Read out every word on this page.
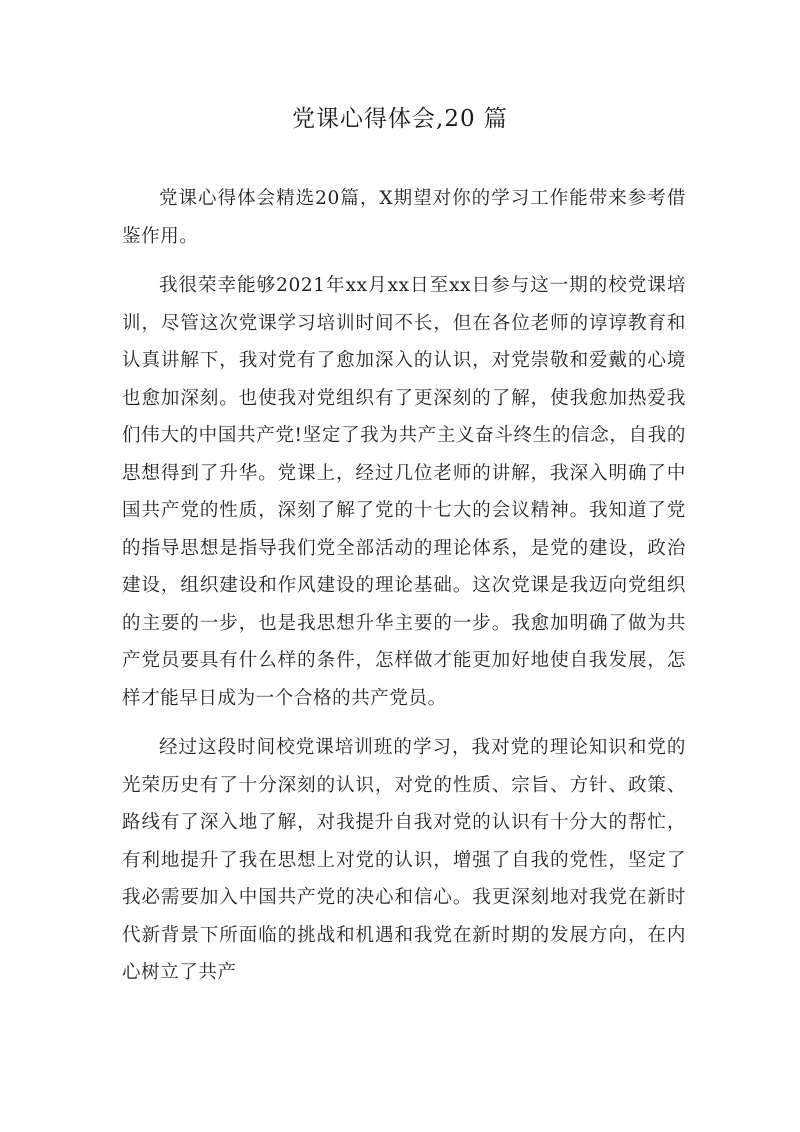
党课心得体会,20 篇

党课心得体会精选20篇，X期望对你的学习工作能带来参考借鉴作用。

我很荣幸能够2021年xx月xx日至xx日参与这一期的校党课培训，尽管这次党课学习培训时间不长，但在各位老师的谆谆教育和认真讲解下，我对党有了愈加深入的认识，对党崇敬和爱戴的心境也愈加深刻。也使我对党组织有了更深刻的了解，使我愈加热爱我们伟大的中国共产党!坚定了我为共产主义奋斗终生的信念，自我的思想得到了升华。党课上，经过几位老师的讲解，我深入明确了中国共产党的性质，深刻了解了党的十七大的会议精神。我知道了党的指导思想是指导我们党全部活动的理论体系，是党的建设，政治建设，组织建设和作风建设的理论基础。这次党课是我迈向党组织的主要的一步，也是我思想升华主要的一步。我愈加明确了做为共产党员要具有什么样的条件，怎样做才能更加好地使自我发展，怎样才能早日成为一个合格的共产党员。

经过这段时间校党课培训班的学习，我对党的理论知识和党的光荣历史有了十分深刻的认识，对党的性质、宗旨、方针、政策、路线有了深入地了解，对我提升自我对党的认识有十分大的帮忙，有利地提升了我在思想上对党的认识，增强了自我的党性，坚定了我必需要加入中国共产党的决心和信心。我更深刻地对我党在新时代新背景下所面临的挑战和机遇和我党在新时期的发展方向，在内心树立了共产
